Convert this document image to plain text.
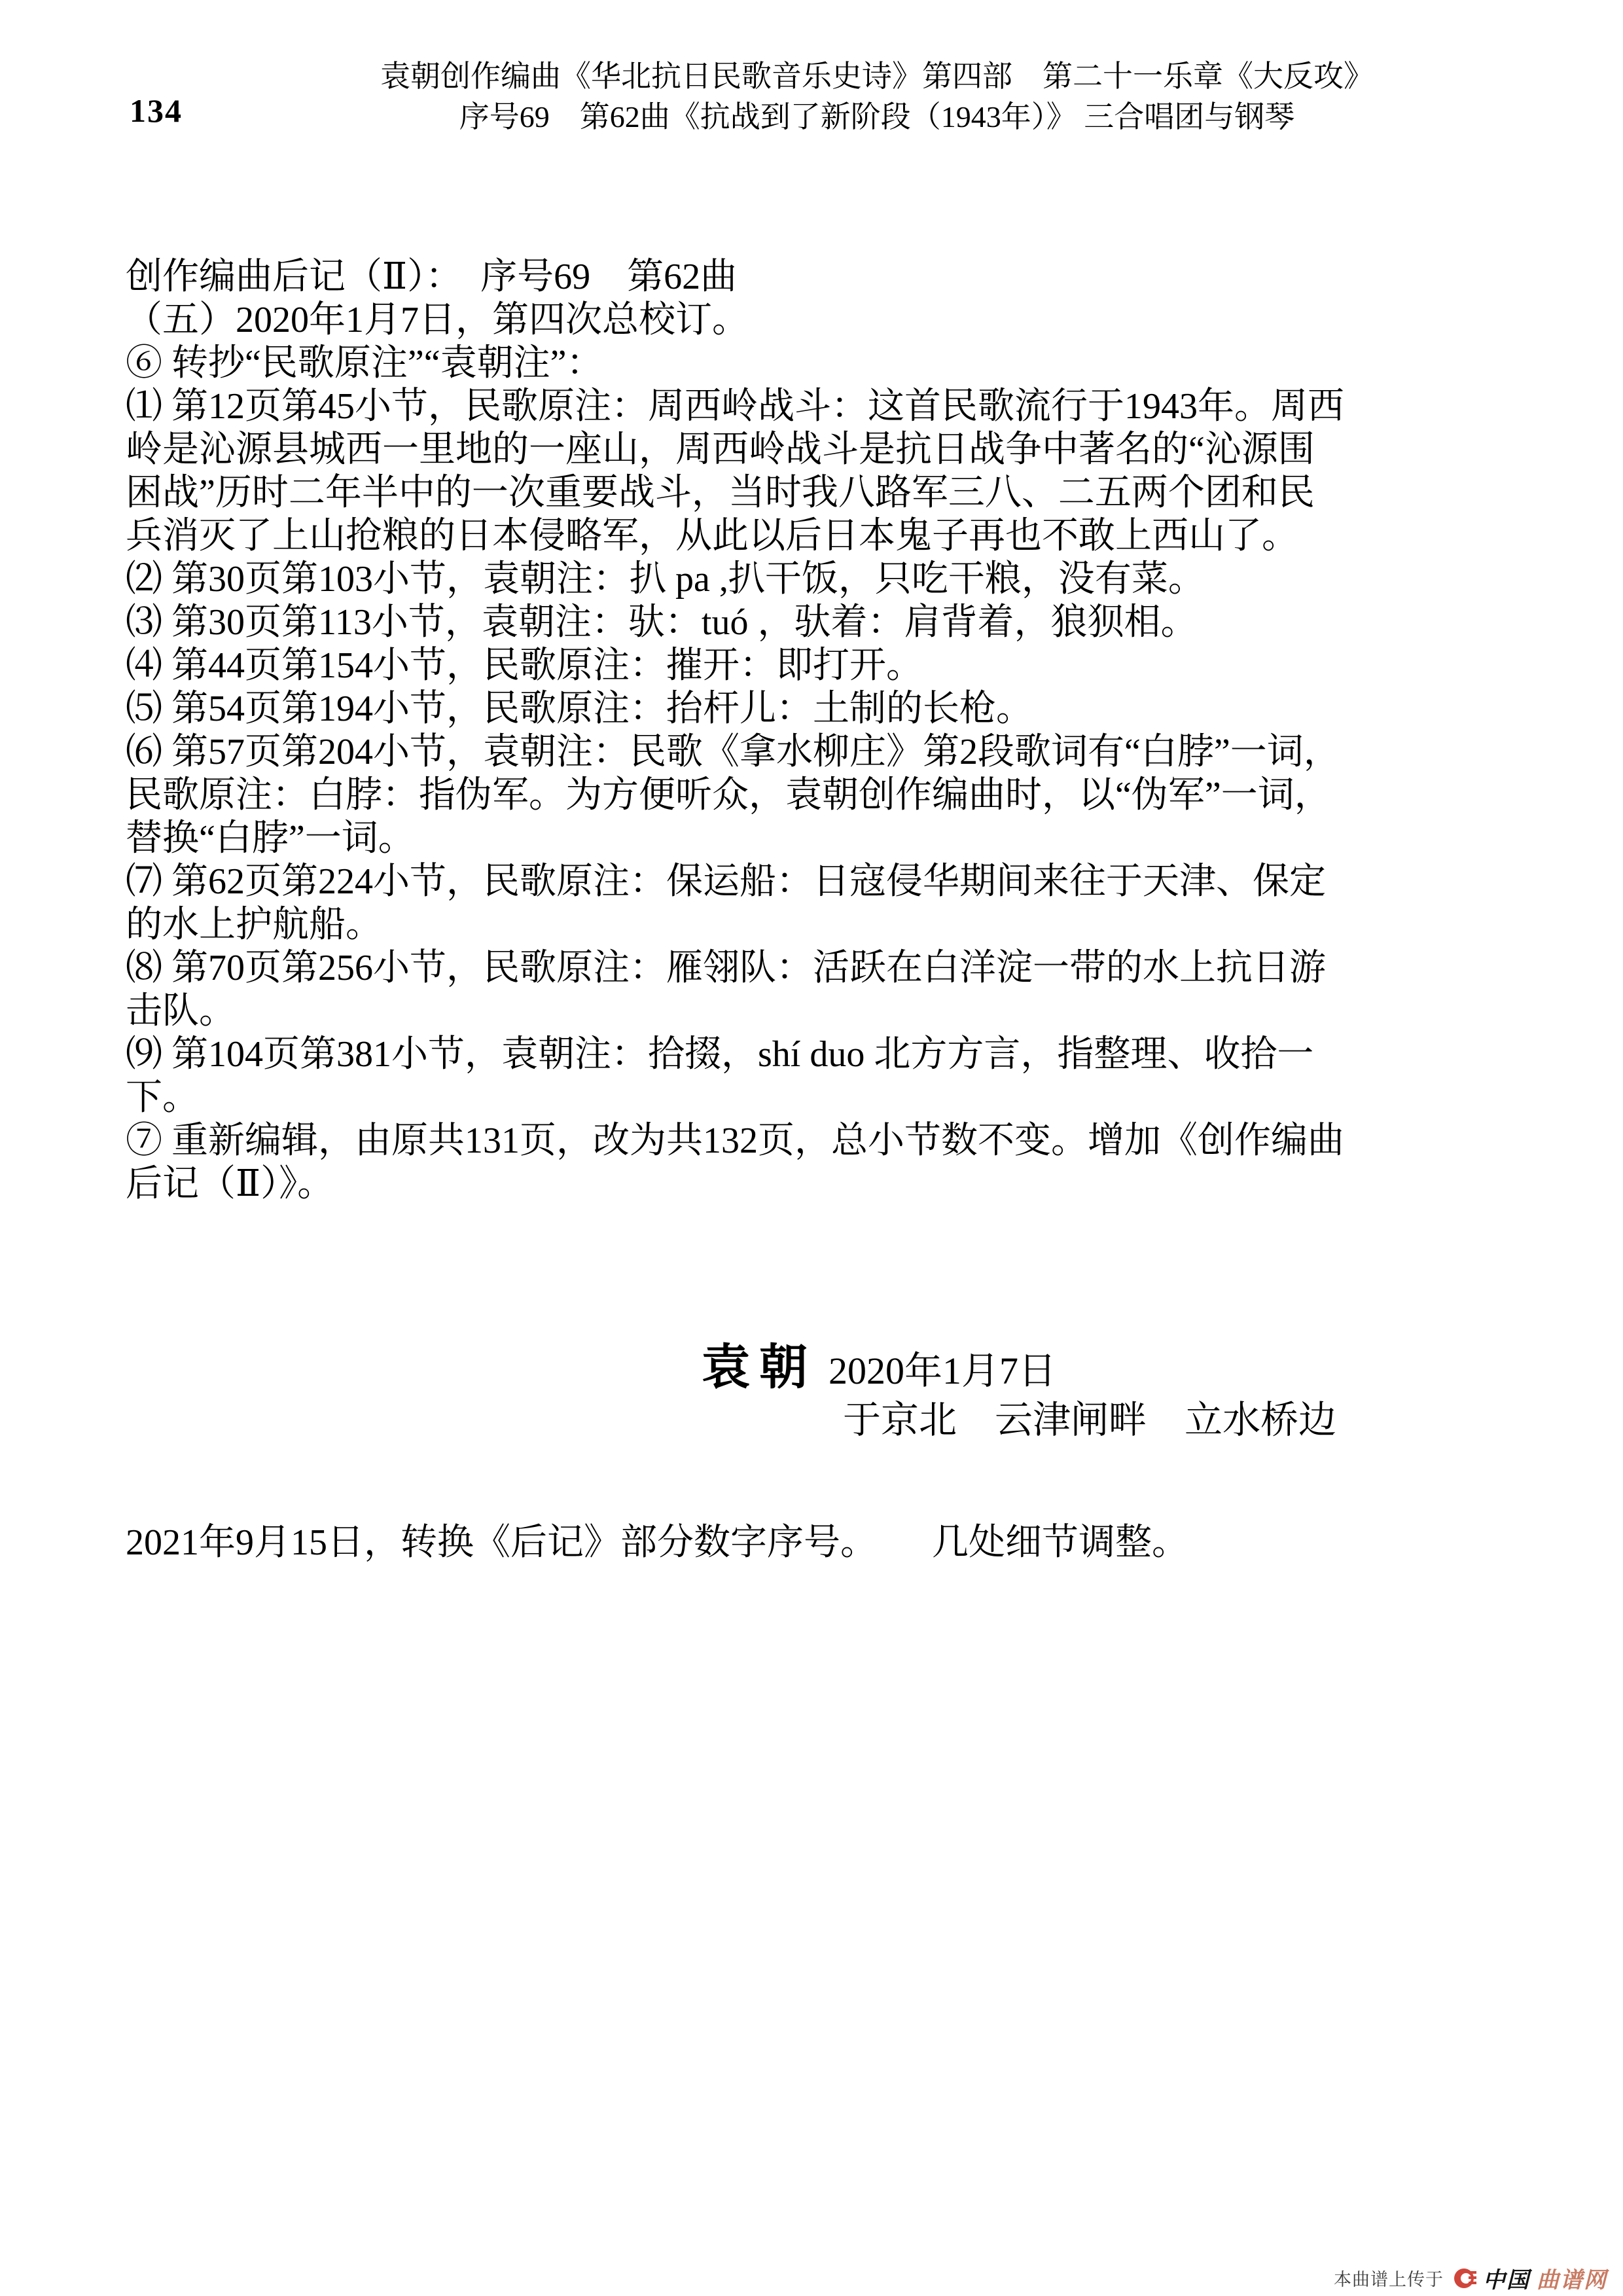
134
袁朝创作编曲《华北抗日民歌音乐史诗》第四部　第二十一乐章《大反攻》
序号69　第62曲《抗战到了新阶段（1943年）》 三合唱团与钢琴
创作编曲后记（Ⅱ）：　序号69　第62曲
（五）2020年1月7日，第四次总校订。
⑥ 转抄“民歌原注”“袁朝注”：
⑴ 第12页第45小节，民歌原注：周西岭战斗：这首民歌流行于1943年。周西
岭是沁源县城西一里地的一座山，周西岭战斗是抗日战争中著名的“沁源围
困战”历时二年半中的一次重要战斗，当时我八路军三八、二五两个团和民
兵消灭了上山抢粮的日本侵略军，从此以后日本鬼子再也不敢上西山了。
⑵ 第30页第103小节，袁朝注：扒 pa ,扒干饭，只吃干粮，没有菜。
⑶ 第30页第113小节，袁朝注：驮：tuó ，驮着：肩背着，狼狈相。
⑷ 第44页第154小节，民歌原注：摧开：即打开。
⑸ 第54页第194小节，民歌原注：抬杆儿：土制的长枪。
⑹ 第57页第204小节，袁朝注：民歌《拿水柳庄》第2段歌词有“白脖”一词，
民歌原注：白脖：指伪军。为方便听众，袁朝创作编曲时，以“伪军”一词，
替换“白脖”一词。
⑺ 第62页第224小节，民歌原注：保运船：日寇侵华期间来往于天津、保定
的水上护航船。
⑻ 第70页第256小节，民歌原注：雁翎队：活跃在白洋淀一带的水上抗日游
击队。
⑼ 第104页第381小节，袁朝注：拾掇，shí duo 北方方言，指整理、收拾一
下。
⑦ 重新编辑，由原共131页，改为共132页，总小节数不变。增加《创作编曲
后记（Ⅱ）》。
袁朝 2020年1月7日
于京北　云津闸畔　立水桥边
2021年9月15日，转换《后记》部分数字序号。　　几处细节调整。
本曲谱上传于 中国 曲谱网
